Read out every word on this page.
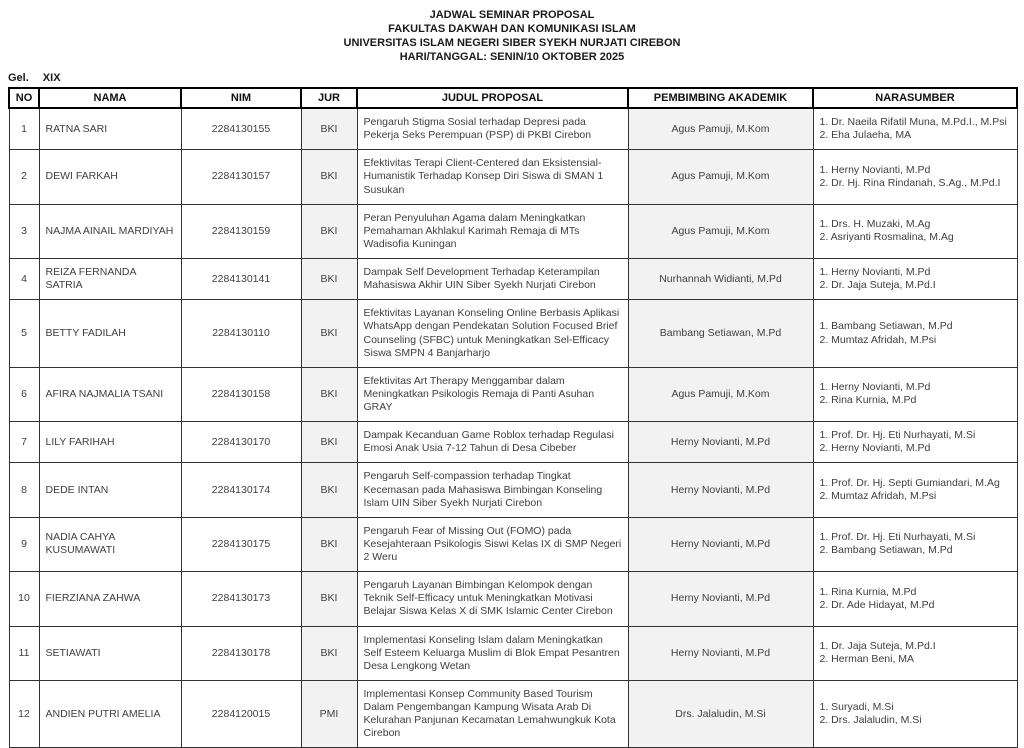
JADWAL SEMINAR PROPOSAL
FAKULTAS DAKWAH DAN KOMUNIKASI ISLAM
UNIVERSITAS ISLAM NEGERI SIBER SYEKH NURJATI CIREBON
HARI/TANGGAL: SENIN/10 OKTOBER 2025
Gel. XIX
NO	NAMA	NIM	JUR	JUDUL PROPOSAL	PEMBIMBING AKADEMIK	NARASUMBER
1	RATNA SARI	2284130155	BKI	Pengaruh Stigma Sosial terhadap Depresi pada Pekerja Seks Perempuan (PSP) di PKBI Cirebon	Agus Pamuji, M.Kom	1. Dr. Naeila Rifatil Muna, M.Pd.I., M.Psi
2. Eha Julaeha, MA

2	DEWI FARKAH	2284130157	BKI	Efektivitas Terapi Client-Centered dan Eksistensial-Humanistik Terhadap Konsep Diri Siswa di SMAN 1 Susukan	Agus Pamuji, M.Kom	1. Herny Novianti, M.Pd
2. Dr. Hj. Rina Rindanah, S.Ag., M.Pd.I

3	NAJMA AINAIL MARDIYAH	2284130159	BKI	Peran Penyuluhan Agama dalam Meningkatkan Pemahaman Akhlakul Karimah Remaja di MTs Wadisofia Kuningan	Agus Pamuji, M.Kom	1. Drs. H. Muzaki, M.Ag
2. Asriyanti Rosmalina, M.Ag

4	REIZA FERNANDA SATRIA	2284130141	BKI	Dampak Self Development Terhadap Keterampilan Mahasiswa Akhir UIN Siber Syekh Nurjati Cirebon	Nurhannah Widianti, M.Pd	1. Herny Novianti, M.Pd
2. Dr. Jaja Suteja, M.Pd.I

5	BETTY FADILAH	2284130110	BKI	Efektivitas Layanan Konseling Online Berbasis Aplikasi WhatsApp dengan Pendekatan Solution Focused Brief Counseling (SFBC) untuk Meningkatkan Sel-Efficacy Siswa SMPN 4 Banjarharjo	Bambang Setiawan, M.Pd	1. Bambang Setiawan, M.Pd
2. Mumtaz Afridah, M.Psi

6	AFIRA NAJMALIA TSANI	2284130158	BKI	Efektivitas Art Therapy Menggambar dalam Meningkatkan Psikologis Remaja di Panti Asuhan GRAY	Agus Pamuji, M.Kom	1. Herny Novianti, M.Pd
2. Rina Kurnia, M.Pd

7	LILY FARIHAH	2284130170	BKI	Dampak Kecanduan Game Roblox terhadap Regulasi Emosi Anak Usia 7-12 Tahun di Desa Cibeber	Herny Novianti, M.Pd	1. Prof. Dr. Hj. Eti Nurhayati, M.Si
2. Herny Novianti, M.Pd

8	DEDE INTAN	2284130174	BKI	Pengaruh Self-compassion terhadap Tingkat Kecemasan pada Mahasiswa Bimbingan Konseling Islam UIN Siber Syekh Nurjati Cirebon	Herny Novianti, M.Pd	1. Prof. Dr. Hj. Septi Gumiandari, M.Ag
2. Mumtaz Afridah, M.Psi

9	NADIA CAHYA KUSUMAWATI	2284130175	BKI	Pengaruh Fear of Missing Out (FOMO) pada Kesejahteraan Psikologis Siswi Kelas IX di SMP Negeri 2 Weru	Herny Novianti, M.Pd	1. Prof. Dr. Hj. Eti Nurhayati, M.Si
2. Bambang Setiawan, M.Pd

10	FIERZIANA ZAHWA	2284130173	BKI	Pengaruh Layanan Bimbingan Kelompok dengan Teknik Self-Efficacy untuk Meningkatkan Motivasi Belajar Siswa Kelas X di SMK Islamic Center Cirebon	Herny Novianti, M.Pd	1. Rina Kurnia, M.Pd
2. Dr. Ade Hidayat, M.Pd

11	SETIAWATI	2284130178	BKI	Implementasi Konseling Islam dalam Meningkatkan Self Esteem Keluarga Muslim di Blok Empat Pesantren Desa Lengkong Wetan	Herny Novianti, M.Pd	1. Dr. Jaja Suteja, M.Pd.I
2. Herman Beni, MA

12	ANDIEN PUTRI AMELIA	2284120015	PMI	Implementasi Konsep Community Based Tourism Dalam Pengembangan Kampung Wisata Arab Di Kelurahan Panjunan Kecamatan Lemahwungkuk Kota Cirebon	Drs. Jalaludin, M.Si	1. Suryadi, M.Si
2. Drs. Jalaludin, M.Si
